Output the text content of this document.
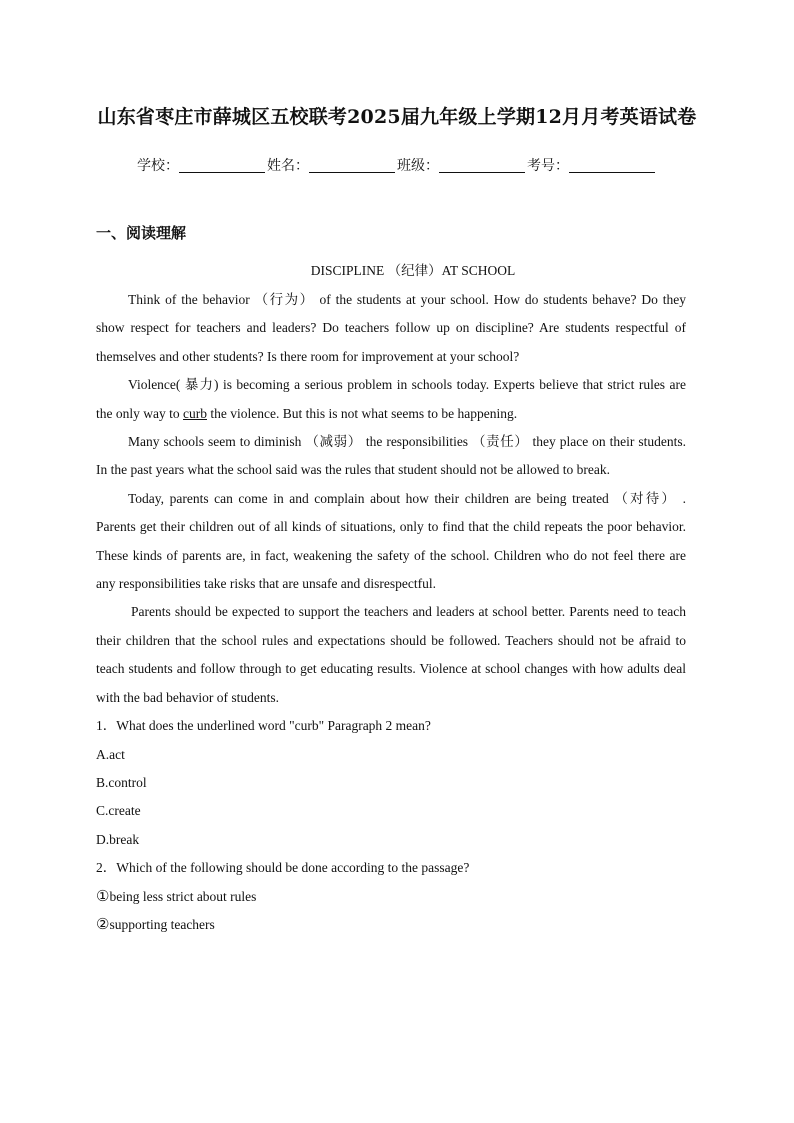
山东省枣庄市薛城区五校联考2025届九年级上学期12月月考英语试卷
学校：	姓名：	班级：	考号：
一、阅读理解
DISCIPLINE （纪律）AT SCHOOL

Think of the behavior （行为） of the students at your school. How do students behave? Do they show respect for teachers and leaders? Do teachers follow up on discipline? Are students respectful of themselves and other students? Is there room for improvement at your school?

Violence( 暴力) is becoming a serious problem in schools today. Experts believe that strict rules are the only way to curb the violence. But this is not what seems to be happening.

Many schools seem to diminish （减弱） the responsibilities （责任） they place on their students. In the past years what the school said was the rules that student should not be allowed to break.

Today, parents can come in and complain about how their children are being treated （对待） . Parents get their children out of all kinds of situations, only to find that the child repeats the poor behavior. These kinds of parents are, in fact, weakening the safety of the school. Children who do not feel there are any responsibilities take risks that are unsafe and disrespectful.

Parents should be expected to support the teachers and leaders at school better. Parents need to teach their children that the school rules and expectations should be followed. Teachers should not be afraid to teach students and follow through to get educating results. Violence at school changes with how adults deal with the bad behavior of students.

1．What does the underlined word "curb" Paragraph 2 mean?

A.act

B.control

C.create

D.break

2．Which of the following should be done according to the passage?

①being less strict about rules

②supporting teachers
